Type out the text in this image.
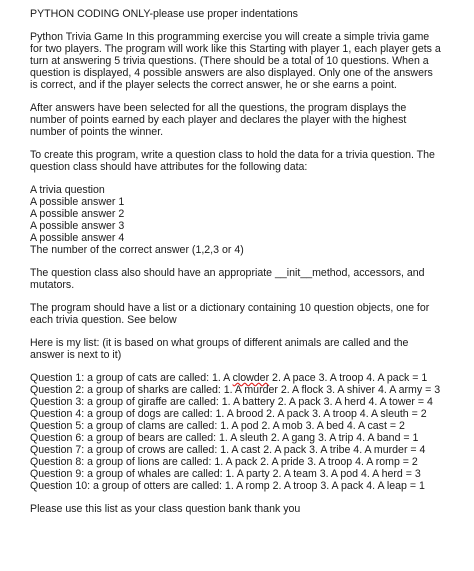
PYTHON CODING ONLY-please use proper indentations
Python Trivia Game In this programming exercise you will create a simple trivia game
for two players. The program will work like this Starting with player 1, each player gets a
turn at answering 5 trivia questions. (There should be a total of 10 questions. When a
question is displayed, 4 possible answers are also displayed. Only one of the answers
is correct, and if the player selects the correct answer, he or she earns a point.
After answers have been selected for all the questions, the program displays the
number of points earned by each player and declares the player with the highest
number of points the winner.
To create this program, write a question class to hold the data for a trivia question. The
question class should have attributes for the following data:
A trivia question
A possible answer 1
A possible answer 2
A possible answer 3
A possible answer 4
The number of the correct answer (1,2,3 or 4)
The question class also should have an appropriate __init__method, accessors, and
mutators.
The program should have a list or a dictionary containing 10 question objects, one for
each trivia question. See below
Here is my list: (it is based on what groups of different animals are called and the
answer is next to it)
Question 1: a group of cats are called: 1. A clowder 2. A pace 3. A troop 4. A pack = 1
Question 2: a group of sharks are called: 1. A murder 2. A flock 3. A shiver 4. A army = 3
Question 3: a group of giraffe are called: 1. A battery 2. A pack 3. A herd 4. A tower = 4
Question 4: a group of dogs are called: 1. A brood 2. A pack 3. A troop 4. A sleuth = 2
Question 5: a group of clams are called: 1. A pod 2. A mob 3. A bed 4. A cast = 2
Question 6: a group of bears are called: 1. A sleuth 2. A gang 3. A trip 4. A band = 1
Question 7: a group of crows are called: 1. A cast 2. A pack 3. A tribe 4. A murder = 4
Question 8: a group of lions are called: 1. A pack 2. A pride 3. A troop 4. A romp = 2
Question 9: a group of whales are called: 1. A party 2. A team 3. A pod 4. A herd = 3
Question 10: a group of otters are called: 1. A romp 2. A troop 3. A pack 4. A leap = 1
Please use this list as your class question bank thank you
